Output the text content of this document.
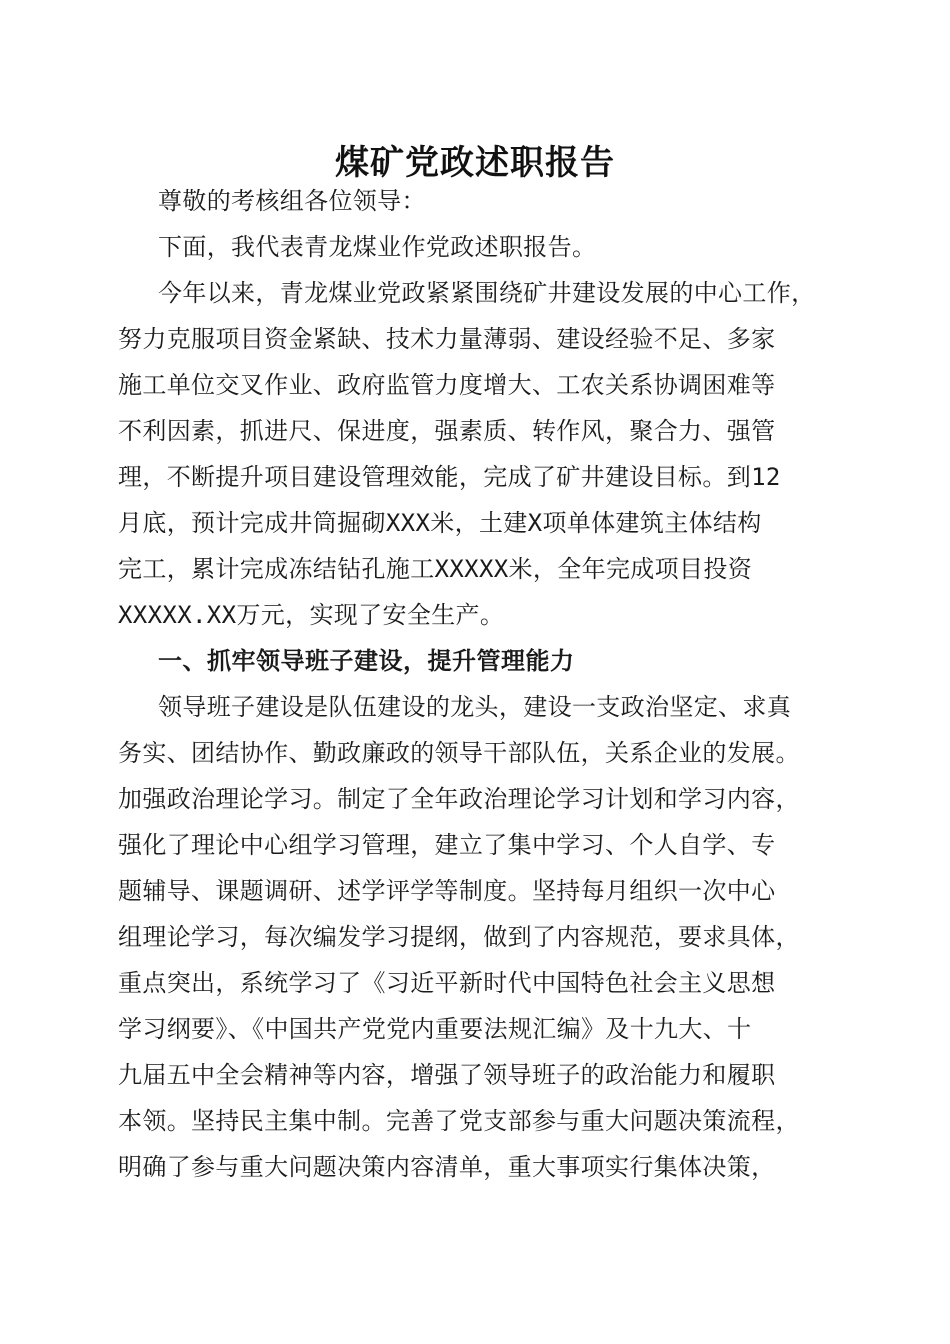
煤矿党政述职报告
尊敬的考核组各位领导：
下面，我代表青龙煤业作党政述职报告。
今年以来，青龙煤业党政紧紧围绕矿井建设发展的中心工作，
努力克服项目资金紧缺、技术力量薄弱、建设经验不足、多家
施工单位交叉作业、政府监管力度增大、工农关系协调困难等
不利因素，抓进尺、保进度，强素质、转作风，聚合力、强管
理，不断提升项目建设管理效能，完成了矿井建设目标。到12
月底，预计完成井筒掘砌XXX米，土建X项单体建筑主体结构
完工，累计完成冻结钻孔施工XXXXX米，全年完成项目投资
XXXXX.XX万元，实现了安全生产。
一、抓牢领导班子建设，提升管理能力
领导班子建设是队伍建设的龙头，建设一支政治坚定、求真
务实、团结协作、勤政廉政的领导干部队伍，关系企业的发展。
加强政治理论学习。制定了全年政治理论学习计划和学习内容，
强化了理论中心组学习管理，建立了集中学习、个人自学、专
题辅导、课题调研、述学评学等制度。坚持每月组织一次中心
组理论学习，每次编发学习提纲，做到了内容规范，要求具体，
重点突出，系统学习了《习近平新时代中国特色社会主义思想
学习纲要》、《中国共产党党内重要法规汇编》及十九大、十
九届五中全会精神等内容，增强了领导班子的政治能力和履职
本领。坚持民主集中制。完善了党支部参与重大问题决策流程，
明确了参与重大问题决策内容清单，重大事项实行集体决策，
